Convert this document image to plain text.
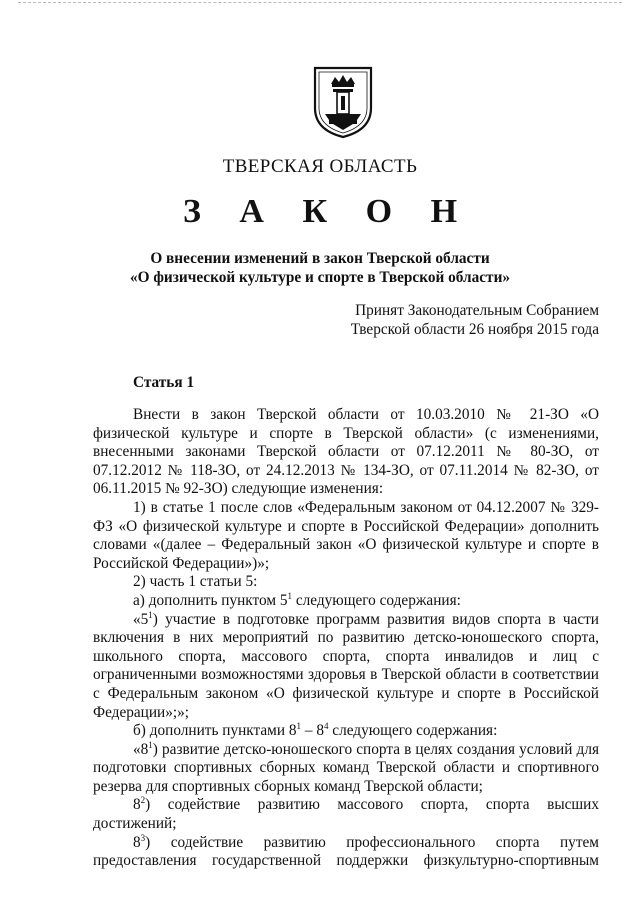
ТВЕРСКАЯ ОБЛАСТЬ
З А К О Н
О внесении изменений в закон Тверской области
«О физической культуре и спорте в Тверской области»
Принят Законодательным Собранием
Тверской области 26 ноября 2015 года
Статья 1

Внести в закон Тверской области от 10.03.2010 № 21-ЗО «О физической культуре и спорте в Тверской области» (с изменениями, внесенными законами Тверской области от 07.12.2011 № 80-ЗО, от 07.12.2012 № 118-ЗО, от 24.12.2013 № 134-ЗО, от 07.11.2014 № 82-ЗО, от 06.11.2015 № 92-ЗО) следующие изменения:

1) в статье 1 после слов «Федеральным законом от 04.12.2007 № 329-ФЗ «О физической культуре и спорте в Российской Федерации» дополнить словами «(далее – Федеральный закон «О физической культуре и спорте в Российской Федерации»)»;

2) часть 1 статьи 5:

а) дополнить пунктом $5^1$ следующего содержания:

«$5^1$) участие в подготовке программ развития видов спорта в части включения в них мероприятий по развитию детско-юношеского спорта, школьного спорта, массового спорта, спорта инвалидов и лиц с ограниченными возможностями здоровья в Тверской области в соответствии с Федеральным законом «О физической культуре и спорте в Российской Федерации»;»;

б) дополнить пунктами $8^1 - 8^4$ следующего содержания:

«$8^1$) развитие детско-юношеского спорта в целях создания условий для подготовки спортивных сборных команд Тверской области и спортивного резерва для спортивных сборных команд Тверской области;

$8^2$) содействие развитию массового спорта, спорта высших достижений;

$8^3$) содействие развитию профессионального спорта путем предоставления государственной поддержки физкультурно-спортивным
